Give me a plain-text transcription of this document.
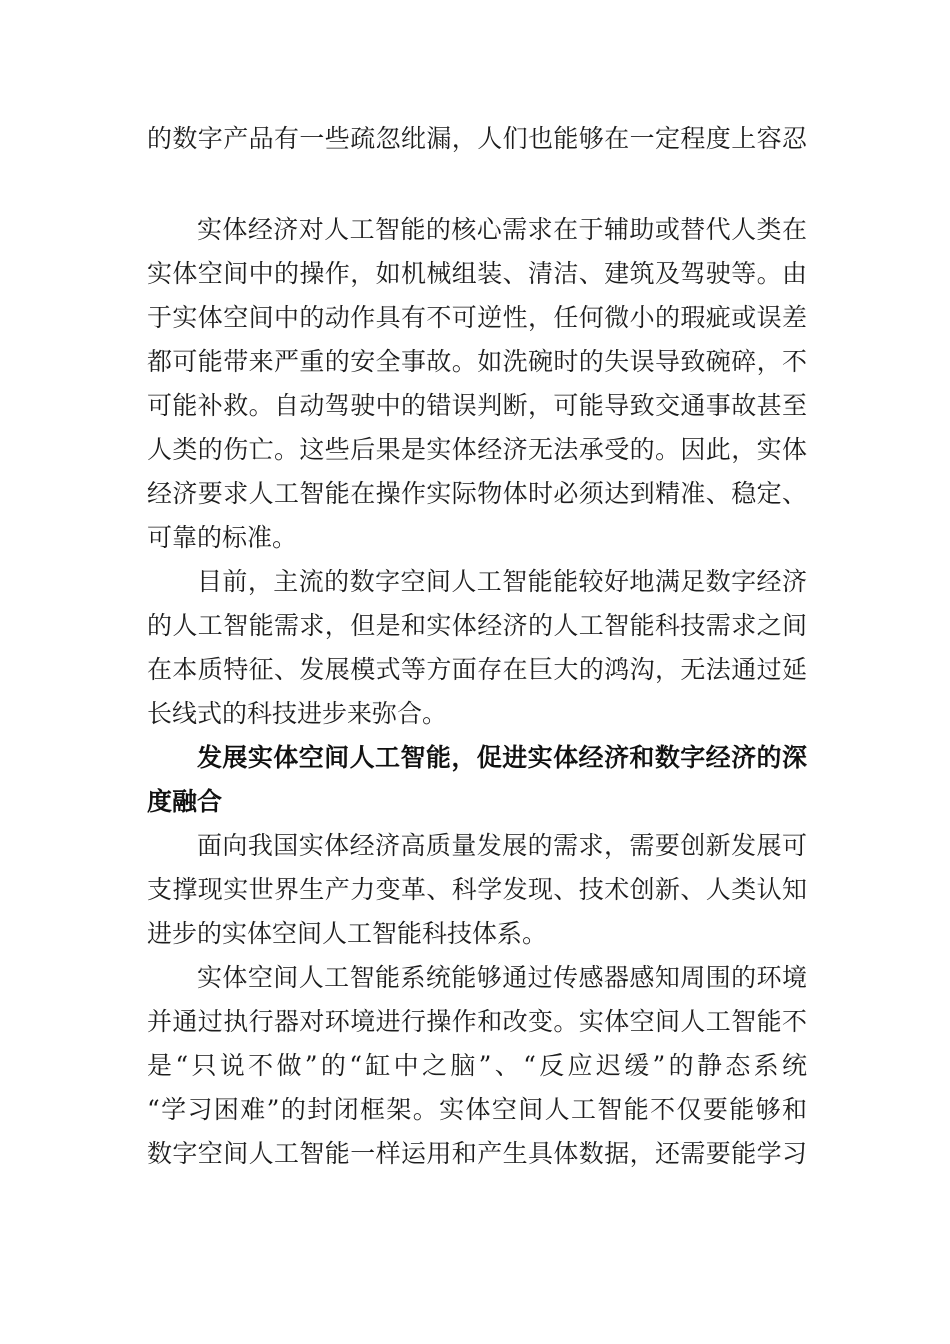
的数字产品有一些疏忽纰漏，人们也能够在一定程度上容忍
实体经济对人工智能的核心需求在于辅助或替代人类在
实体空间中的操作，如机械组装、清洁、建筑及驾驶等。由
于实体空间中的动作具有不可逆性，任何微小的瑕疵或误差
都可能带来严重的安全事故。如洗碗时的失误导致碗碎，不
可能补救。自动驾驶中的错误判断，可能导致交通事故甚至
人类的伤亡。这些后果是实体经济无法承受的。因此，实体
经济要求人工智能在操作实际物体时必须达到精准、稳定、
可靠的标准。
目前，主流的数字空间人工智能能较好地满足数字经济
的人工智能需求，但是和实体经济的人工智能科技需求之间
在本质特征、发展模式等方面存在巨大的鸿沟，无法通过延
长线式的科技进步来弥合。
发展实体空间人工智能，促进实体经济和数字经济的深
度融合
面向我国实体经济高质量发展的需求，需要创新发展可
支撑现实世界生产力变革、科学发现、技术创新、人类认知
进步的实体空间人工智能科技体系。
实体空间人工智能系统能够通过传感器感知周围的环境
并通过执行器对环境进行操作和改变。实体空间人工智能不
是“只说不做”的“缸中之脑”、“反应迟缓”的静态系统
“学习困难”的封闭框架。实体空间人工智能不仅要能够和
数字空间人工智能一样运用和产生具体数据，还需要能学习
